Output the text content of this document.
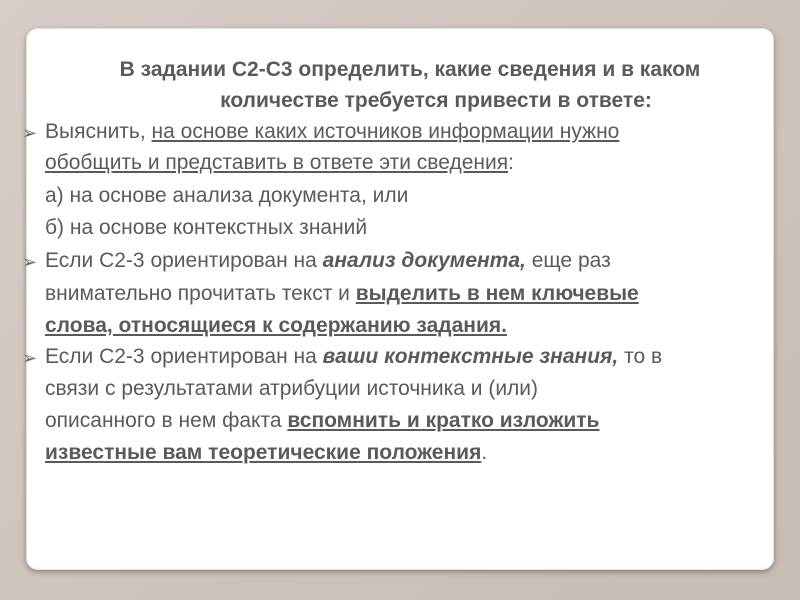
В задании С2-С3 определить, какие сведения и в каком
количестве требуется привести в ответе:
➢ Выяснить, на основе каких источников информации нужно
обобщить и представить в ответе эти сведения:
а) на основе анализа документа, или
б) на основе контекстных знаний
➢ Если С2-3 ориентирован на анализ документа, еще раз
внимательно прочитать текст и выделить в нем ключевые
слова, относящиеся к содержанию задания.
➢ Если С2-3 ориентирован на ваши контекстные знания, то в
связи с результатами атрибуции источника и (или)
описанного в нем факта вспомнить и кратко изложить
известные вам теоретические положения.
